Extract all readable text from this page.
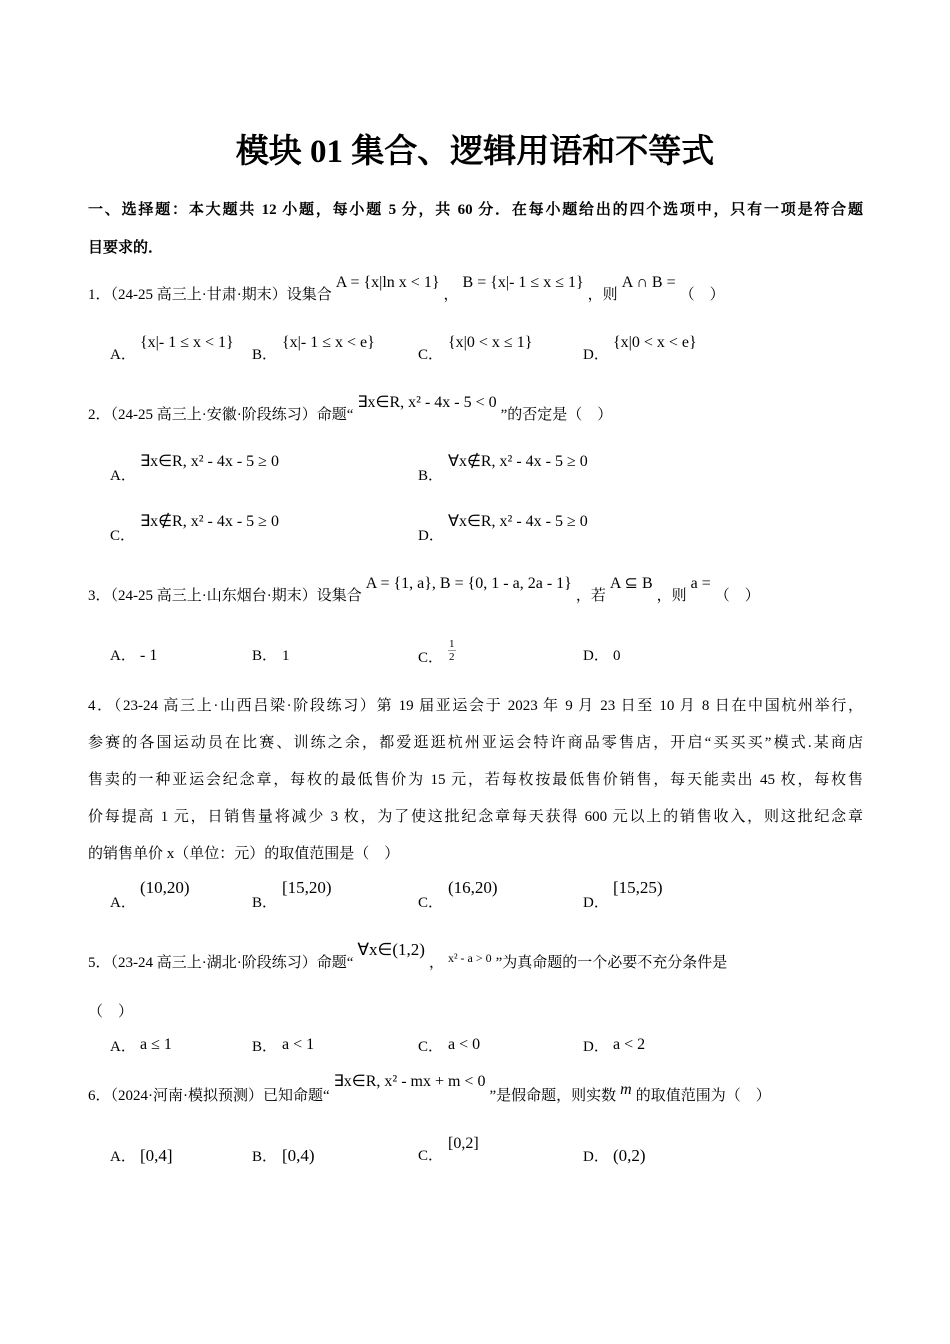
模块 01 集合、逻辑用语和不等式
一、选择题：本大题共 12 小题，每小题 5 分，共 60 分．在每小题给出的四个选项中，只有一项是符合题
目要求的．
1．（24-25 高三上·甘肃·期末）设集合A = {x|ln x < 1}，B = {x|- 1 ≤ x ≤ 1}，则A ∩ B =（　）
A．{x|- 1 ≤ x < 1}
B．{x|- 1 ≤ x < e}
C．{x|0 < x ≤ 1}
D．{x|0 < x < e}
2．（24-25 高三上·安徽·阶段练习）命题“∃x∈R, x² - 4x - 5 < 0”的否定是（　）
A．∃x∈R, x² - 4x - 5 ≥ 0
B．∀x∉R, x² - 4x - 5 ≥ 0
C．∃x∉R, x² - 4x - 5 ≥ 0
D．∀x∈R, x² - 4x - 5 ≥ 0
3．（24-25 高三上·山东烟台·期末）设集合A = {1, a}, B = {0, 1 - a, 2a - 1}，若A ⊆ B，则a =（　）
A． - 1	B． 1	C． $\frac{1}{2}$	D． 0
4．（23-24 高三上·山西吕梁·阶段练习）第 19 届亚运会于 2023 年 9 月 23 日至 10 月 8 日在中国杭州举行，
参赛的各国运动员在比赛、训练之余，都爱逛逛杭州亚运会特许商品零售店，开启“买买买”模式.某商店
售卖的一种亚运会纪念章，每枚的最低售价为 15 元，若每枚按最低售价销售，每天能卖出 45 枚，每枚售
价每提高 1 元，日销售量将减少 3 枚，为了使这批纪念章每天获得 600 元以上的销售收入，则这批纪念章
的销售单价 x（单位：元）的取值范围是（　）
A．(10,20)
B．[15,20)
C．(16,20)
D．[15,25)
5．（23-24 高三上·湖北·阶段练习）命题“∀x∈(1,2)， $^{x^2 - a > 0}$ ”为真命题的一个必要不充分条件是
（　）
A． a ≤ 1	B． a < 1	C． a < 0	D． a < 2
6．（2024·河南·模拟预测）已知命题“∃x∈R, x² - mx + m < 0”是假命题，则实数 m 的取值范围为（　）
A． [0,4]	B． [0,4)	C．[0,2]
D． (0,2)
